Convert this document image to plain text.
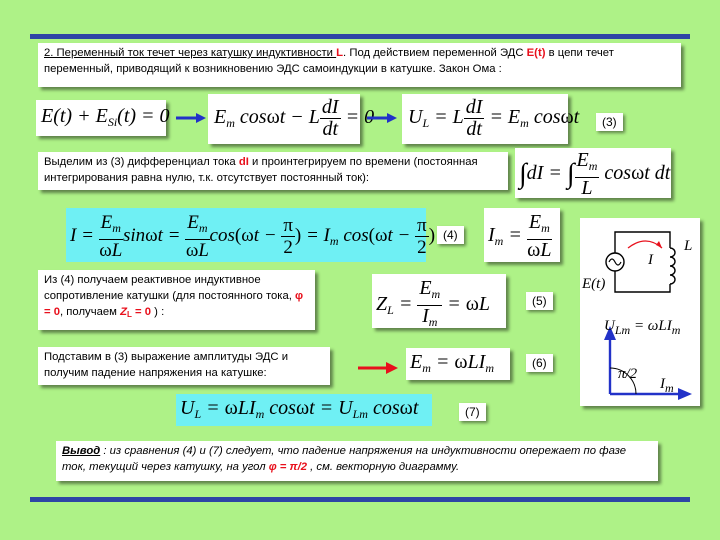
2. Переменный ток течет через катушку индуктивности L. Под действием переменной ЭДС E(t) в цепи течет переменный, приводящий к возникновению ЭДС самоиндукции в катушке. Закон Ома :
$E(t) + E_{Si}(t) = 0$ $E_m$ cosωt − L $\frac{dI}{dt} = 0$ $U_L = L \frac{dI}{dt} = E_m$ cosωt	(3)
Выделим из (3) дифференциал тока dI и проинтегрируем по времени (постоянная интегрирования равна нулю, т.к. отсутствует постоянный ток):	∫dI = ∫ $\frac{E_m}{L}$ cosωt dt
$I = \frac{E_m}{\omega L}$ $\sin\omega t = \frac{E_m}{\omega L} \cos(\omega t - \frac{\pi}{2}$ ) = $I_m$ $\cos(\omega t - \frac{\pi}{2}$ ) (4)	$I_m = \frac{E_m}{\omega L}$	L
I
E(t)
$U_{Lm} = \omega LI_m$
π/2
$I_m$
Из (4) получаем реактивное индуктивное сопротивление катушки (для постоянного тока, φ = 0, получаем ZL = 0 ) :	$Z_L = \frac{E_m}{I_m} = \omega L$	(5)
Подставим в (3) выражение амплитуды ЭДС и получим падение напряжения на катушке:	$E_m = \omega LI_m$	(6)
$U_L = \omega LI_m$ $\cos\omega t = U_{Lm}$ cosωt	(7)
Вывод : из сравнения (4) и (7) следует, что падение напряжения на индуктивности опережает по фазе ток, текущий через катушку, на угол φ = π/2 , см. векторную диаграмму.
